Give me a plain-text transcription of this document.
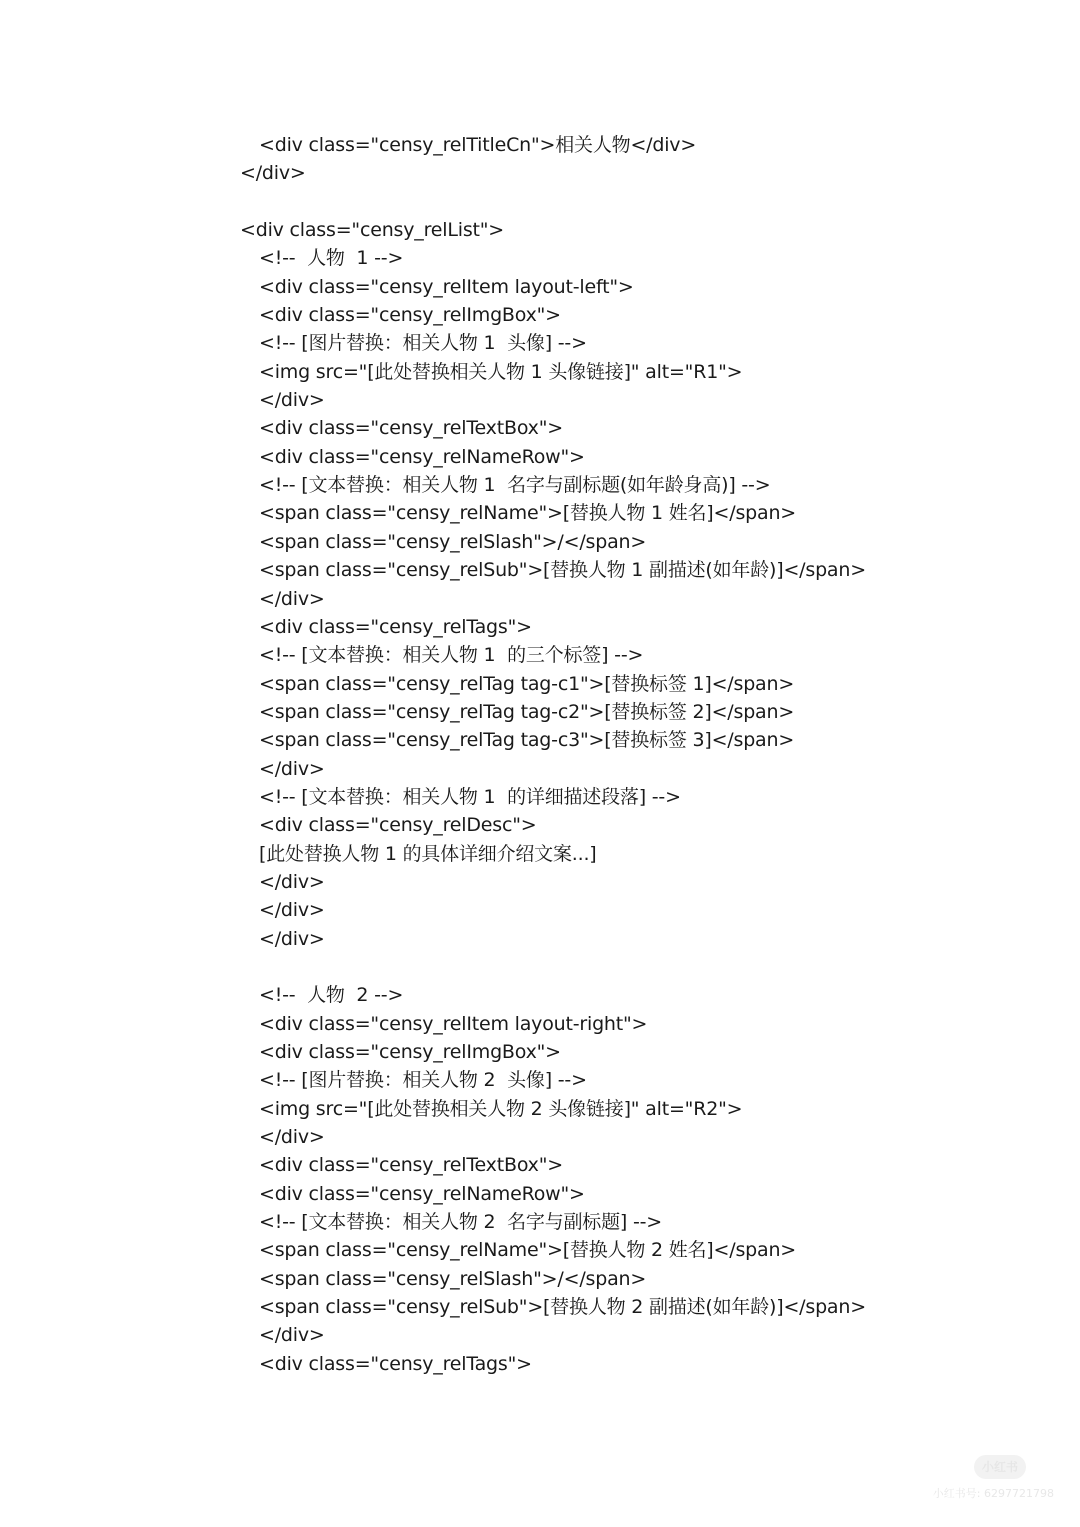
<div class="censy_relTitleCn">相关人物</div>
</div>
<div class="censy_relList">
<!--  人物  1 -->
<div class="censy_relItem layout-left">
<div class="censy_relImgBox">
<!-- [图片替换：相关人物 1  头像] -->
<img src="[此处替换相关人物 1 头像链接]" alt="R1">
</div>
<div class="censy_relTextBox">
<div class="censy_relNameRow">
<!-- [文本替换：相关人物 1  名字与副标题(如年龄身高)] -->
<span class="censy_relName">[替换人物 1 姓名]</span>
<span class="censy_relSlash">/</span>
<span class="censy_relSub">[替换人物 1 副描述(如年龄)]</span>
</div>
<div class="censy_relTags">
<!-- [文本替换：相关人物 1  的三个标签] -->
<span class="censy_relTag tag-c1">[替换标签 1]</span>
<span class="censy_relTag tag-c2">[替换标签 2]</span>
<span class="censy_relTag tag-c3">[替换标签 3]</span>
</div>
<!-- [文本替换：相关人物 1  的详细描述段落] -->
<div class="censy_relDesc">
[此处替换人物 1 的具体详细介绍文案...]
</div>
</div>
</div>
<!--  人物  2 -->
<div class="censy_relItem layout-right">
<div class="censy_relImgBox">
<!-- [图片替换：相关人物 2  头像] -->
<img src="[此处替换相关人物 2 头像链接]" alt="R2">
</div>
<div class="censy_relTextBox">
<div class="censy_relNameRow">
<!-- [文本替换：相关人物 2  名字与副标题] -->
<span class="censy_relName">[替换人物 2 姓名]</span>
<span class="censy_relSlash">/</span>
<span class="censy_relSub">[替换人物 2 副描述(如年龄)]</span>
</div>
<div class="censy_relTags">
小红书
小红书号: 6297721798
